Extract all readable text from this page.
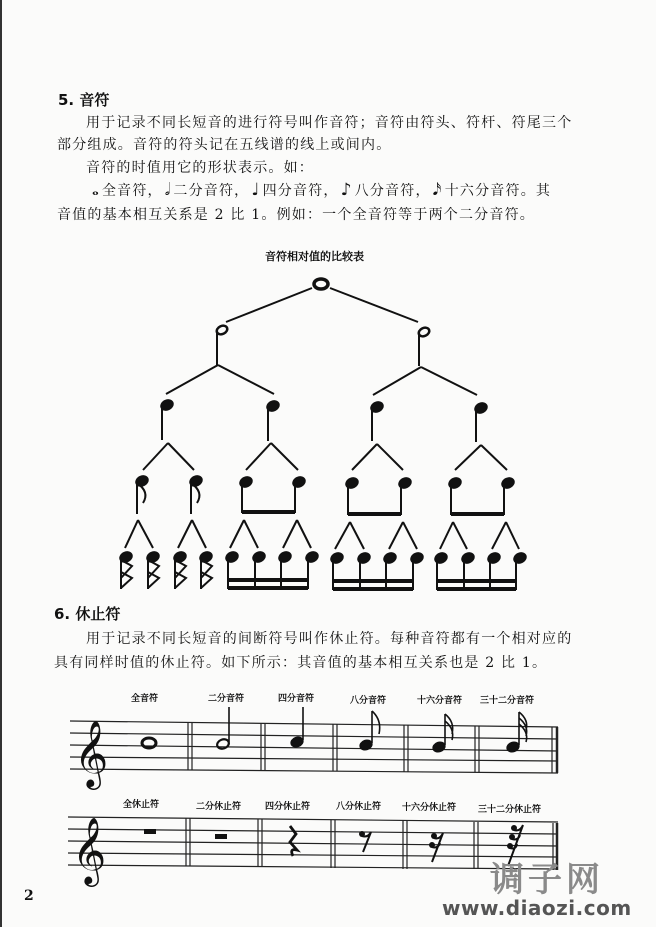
5. 音符
用于记录不同长短音的进行符号叫作音符；音符由符头、符杆、符尾三个
部分组成。音符的符头记在五线谱的线上或间内。
音符的时值用它的形状表示。如：
𝅝 全音符， 𝅗𝅥 二分音符， ♩ 四分音符， ♪ 八分音符， 𝅘𝅥𝅯 十六分音符。其
音值的基本相互关系是 2 比 1。例如：一个全音符等于两个二分音符。
音符相对值的比较表
𝄞
𝄞
6. 休止符
用于记录不同长短音的间断符号叫作休止符。每种音符都有一个相对应的
具有同样时值的休止符。如下所示：其音值的基本相互关系也是 2 比 1。
全音符	二分音符	四分音符	八分音符	十六分音符 三十二分音符
全休止符	二分休止符	四分休止符	八分休止符 十六分休止符 三十二分休止符
调子网
www.diaozi.com
2
